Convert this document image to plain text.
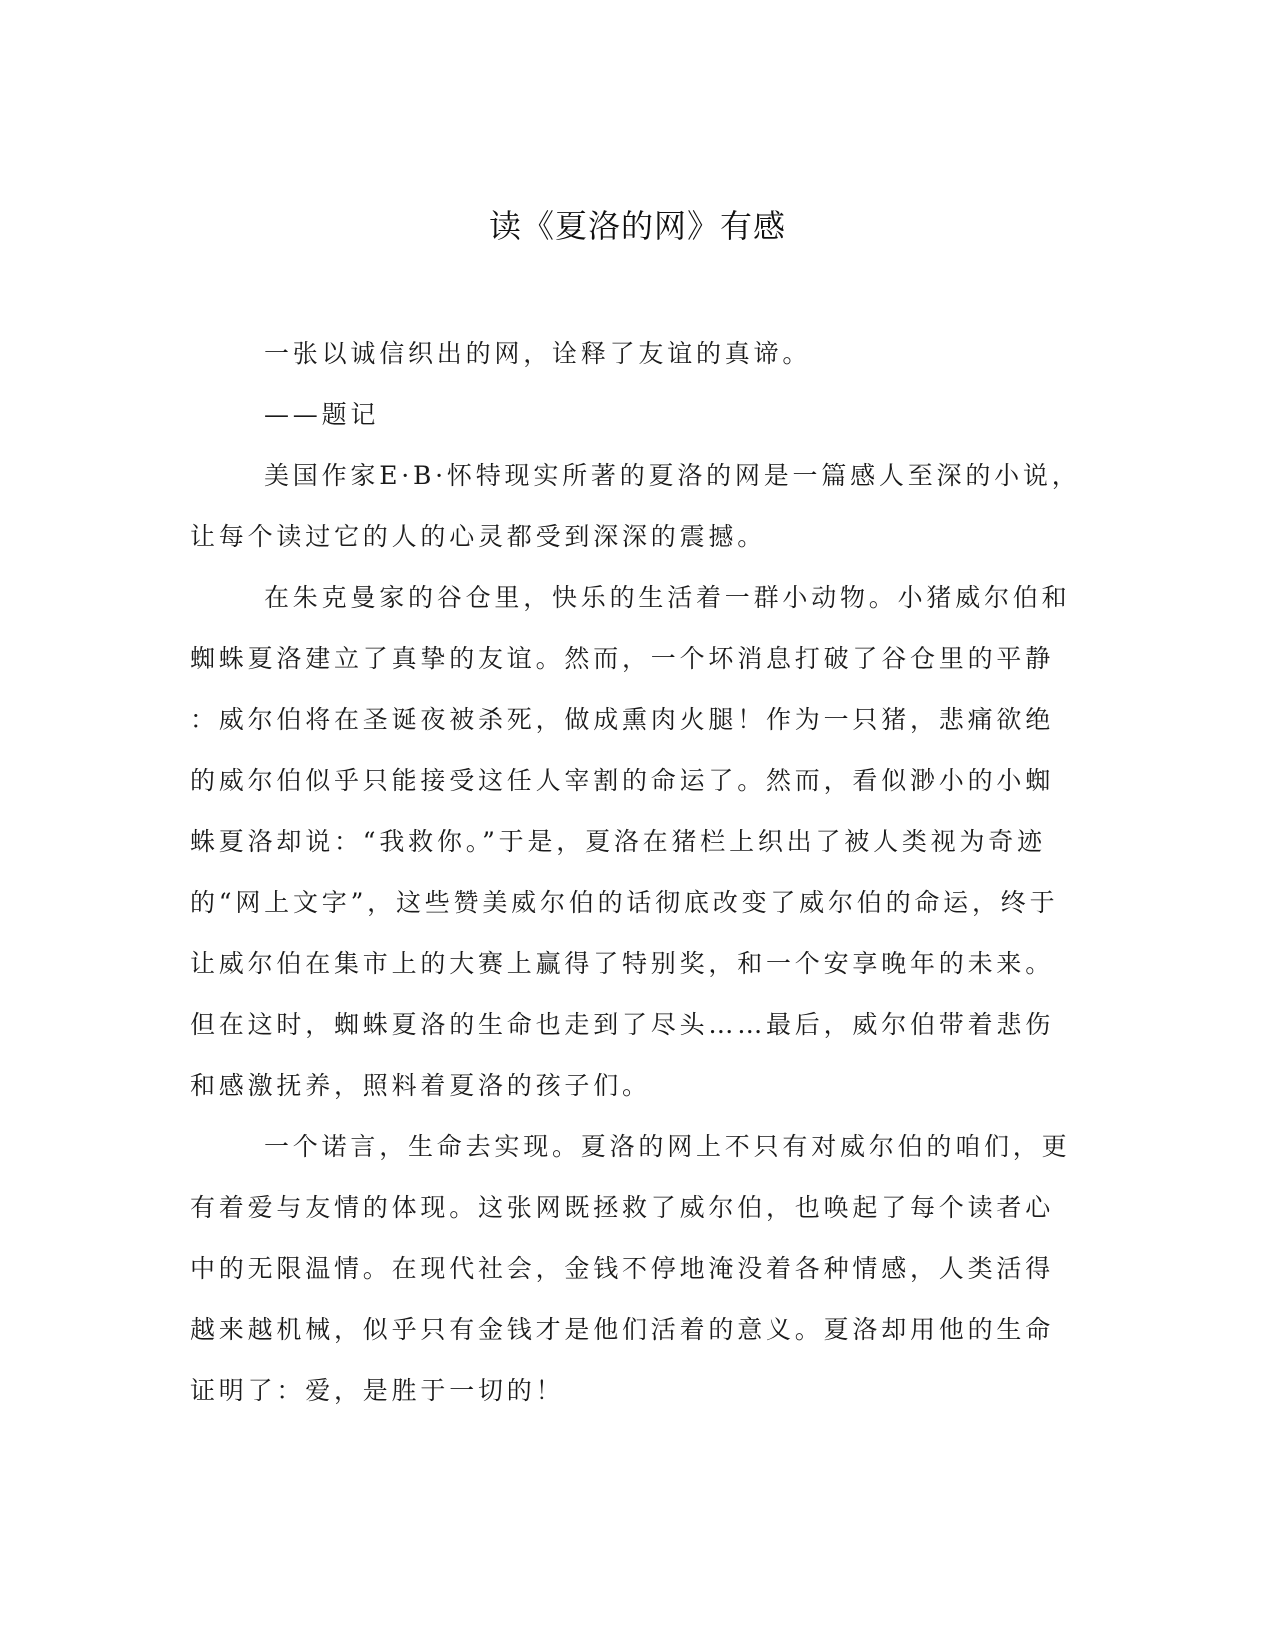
读《夏洛的网》有感
一张以诚信织出的网，诠释了友谊的真谛。
——题记
美国作家E·B·怀特现实所著的夏洛的网是一篇感人至深的小说，
让每个读过它的人的心灵都受到深深的震撼。
在朱克曼家的谷仓里，快乐的生活着一群小动物。小猪威尔伯和
蜘蛛夏洛建立了真挚的友谊。然而，一个坏消息打破了谷仓里的平静
：威尔伯将在圣诞夜被杀死，做成熏肉火腿！作为一只猪，悲痛欲绝
的威尔伯似乎只能接受这任人宰割的命运了。然而，看似渺小的小蜘
蛛夏洛却说：“我救你。”于是，夏洛在猪栏上织出了被人类视为奇迹
的“网上文字”，这些赞美威尔伯的话彻底改变了威尔伯的命运，终于
让威尔伯在集市上的大赛上赢得了特别奖，和一个安享晚年的未来。
但在这时，蜘蛛夏洛的生命也走到了尽头……最后，威尔伯带着悲伤
和感激抚养，照料着夏洛的孩子们。
一个诺言，生命去实现。夏洛的网上不只有对威尔伯的咱们，更
有着爱与友情的体现。这张网既拯救了威尔伯，也唤起了每个读者心
中的无限温情。在现代社会，金钱不停地淹没着各种情感，人类活得
越来越机械，似乎只有金钱才是他们活着的意义。夏洛却用他的生命
证明了：爱，是胜于一切的！
